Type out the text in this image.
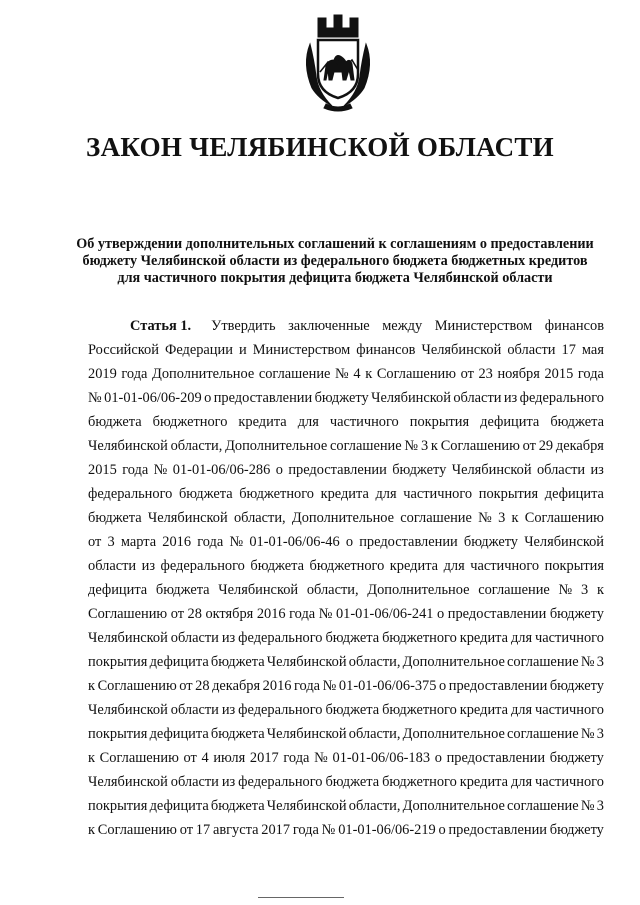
ЗАКОН ЧЕЛЯБИНСКОЙ ОБЛАСТИ
Об утверждении дополнительных соглашений к соглашениям о предоставлении
бюджету Челябинской области из федерального бюджета бюджетных кредитов
для частичного покрытия дефицита бюджета Челябинской области
Статья 1. Утвердить заключенные между Министерством финансов
Российской Федерации и Министерством финансов Челябинской области 17 мая
2019 года Дополнительное соглашение № 4 к Соглашению от 23 ноября 2015 года
№ 01-01-06/06-209 о предоставлении бюджету Челябинской области из федерального
бюджета бюджетного кредита для частичного покрытия дефицита бюджета
Челябинской области, Дополнительное соглашение № 3 к Соглашению от 29 декабря
2015 года № 01-01-06/06-286 о предоставлении бюджету Челябинской области из
федерального бюджета бюджетного кредита для частичного покрытия дефицита
бюджета Челябинской области, Дополнительное соглашение № 3 к Соглашению
от 3 марта 2016 года № 01-01-06/06-46 о предоставлении бюджету Челябинской
области из федерального бюджета бюджетного кредита для частичного покрытия
дефицита бюджета Челябинской области, Дополнительное соглашение № 3 к
Соглашению от 28 октября 2016 года № 01-01-06/06-241 о предоставлении бюджету
Челябинской области из федерального бюджета бюджетного кредита для частичного
покрытия дефицита бюджета Челябинской области, Дополнительное соглашение № 3
к Соглашению от 28 декабря 2016 года № 01-01-06/06-375 о предоставлении бюджету
Челябинской области из федерального бюджета бюджетного кредита для частичного
покрытия дефицита бюджета Челябинской области, Дополнительное соглашение № 3
к Соглашению от 4 июля 2017 года № 01-01-06/06-183 о предоставлении бюджету
Челябинской области из федерального бюджета бюджетного кредита для частичного
покрытия дефицита бюджета Челябинской области, Дополнительное соглашение № 3
к Соглашению от 17 августа 2017 года № 01-01-06/06-219 о предоставлении бюджету
